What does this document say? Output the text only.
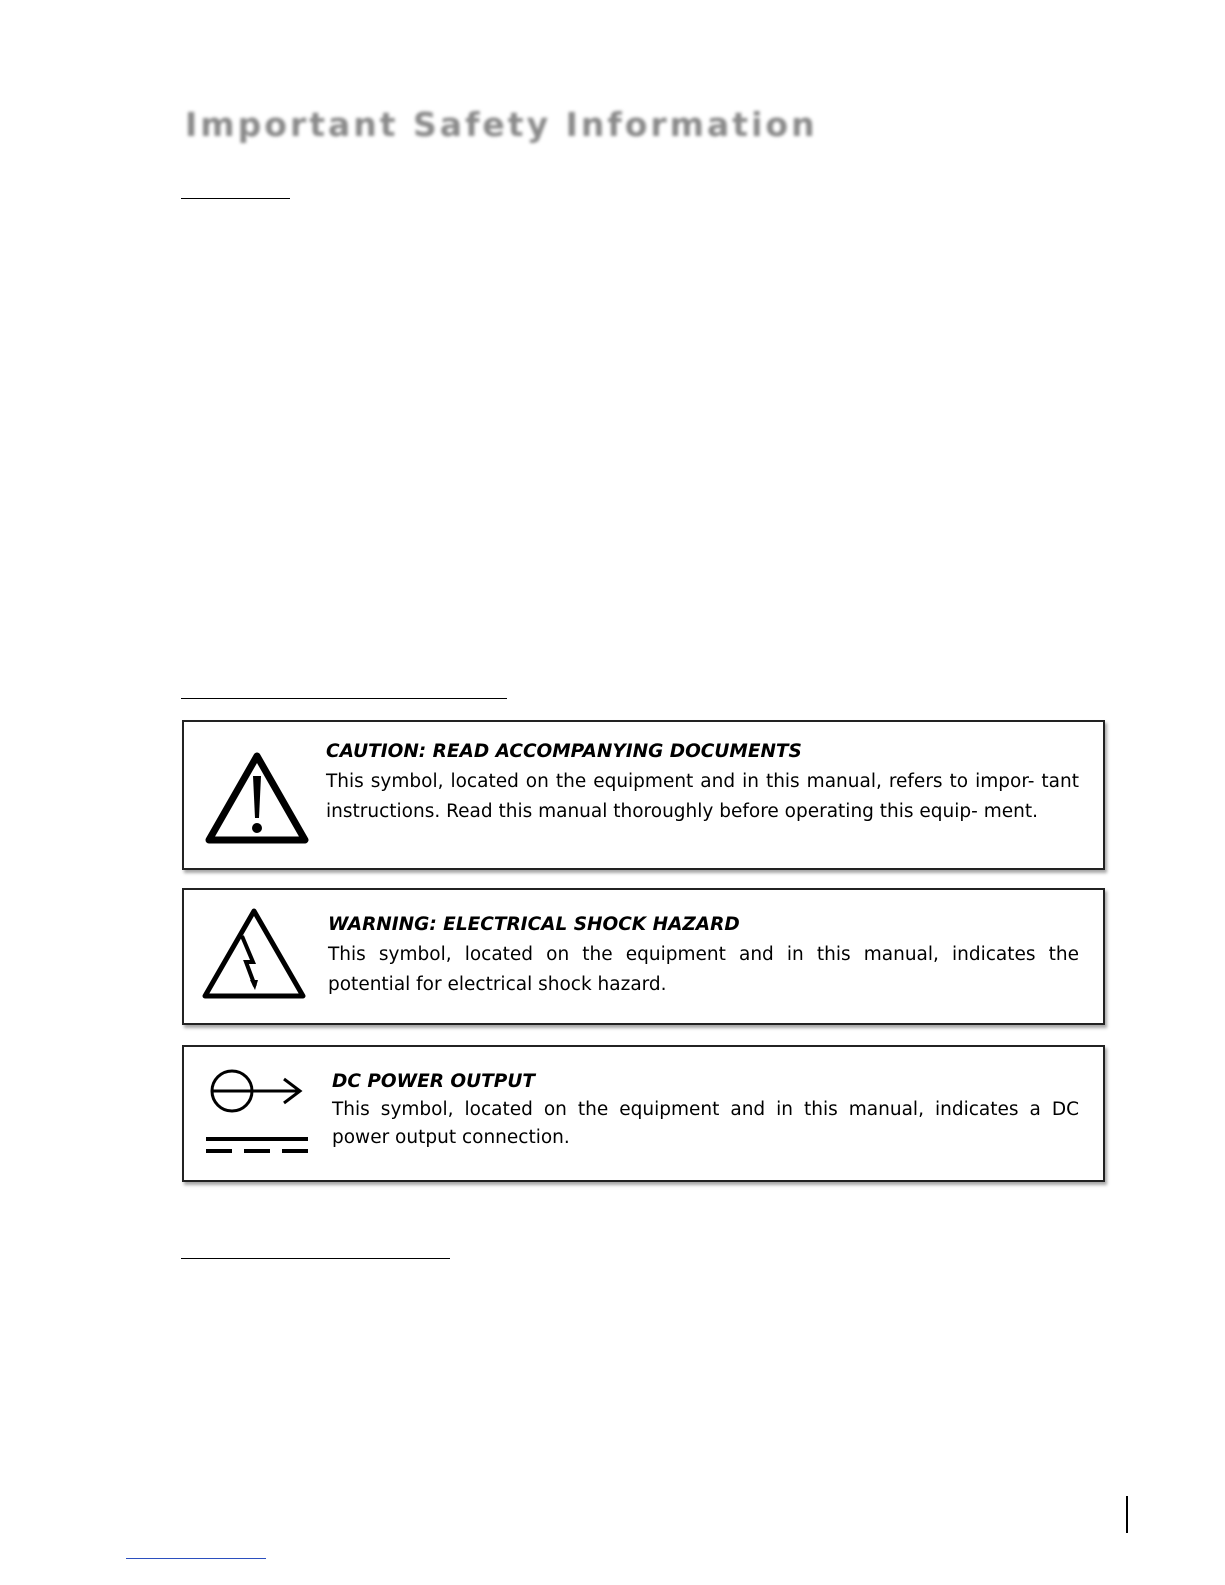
Important Safety Information
CAUTION: READ ACCOMPANYING DOCUMENTS
This symbol, located on the equipment and in this manual, refers to impor- tant instructions. Read this manual thoroughly before operating this equip- ment.
WARNING: ELECTRICAL SHOCK HAZARD
This symbol, located on the equipment and in this manual, indicates the potential for electrical shock hazard.
DC POWER OUTPUT
This symbol, located on the equipment and in this manual, indicates a DC power output connection.
